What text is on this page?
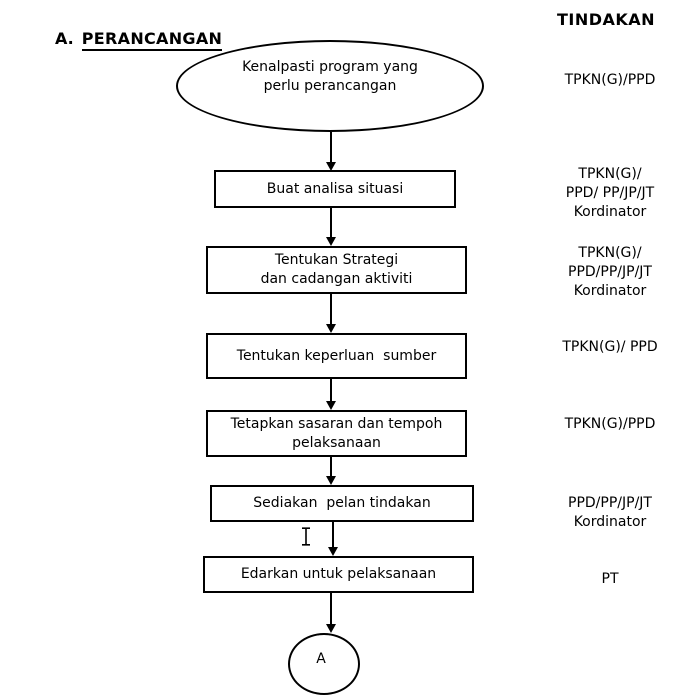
A. PERANCANGAN
TINDAKAN
Kenalpasti program yang
perlu perancangan
Buat analisa situasi
Tentukan Strategi
dan cadangan aktiviti
Tentukan keperluan  sumber
Tetapkan sasaran dan tempoh
pelaksanaan
Sediakan  pelan tindakan
Edarkan untuk pelaksanaan
A
TPKN(G)/PPD
TPKN(G)/
PPD/ PP/JP/JT
Kordinator
TPKN(G)/
PPD/PP/JP/JT
Kordinator
TPKN(G)/ PPD
TPKN(G)/PPD
PPD/PP/JP/JT
Kordinator
PT
